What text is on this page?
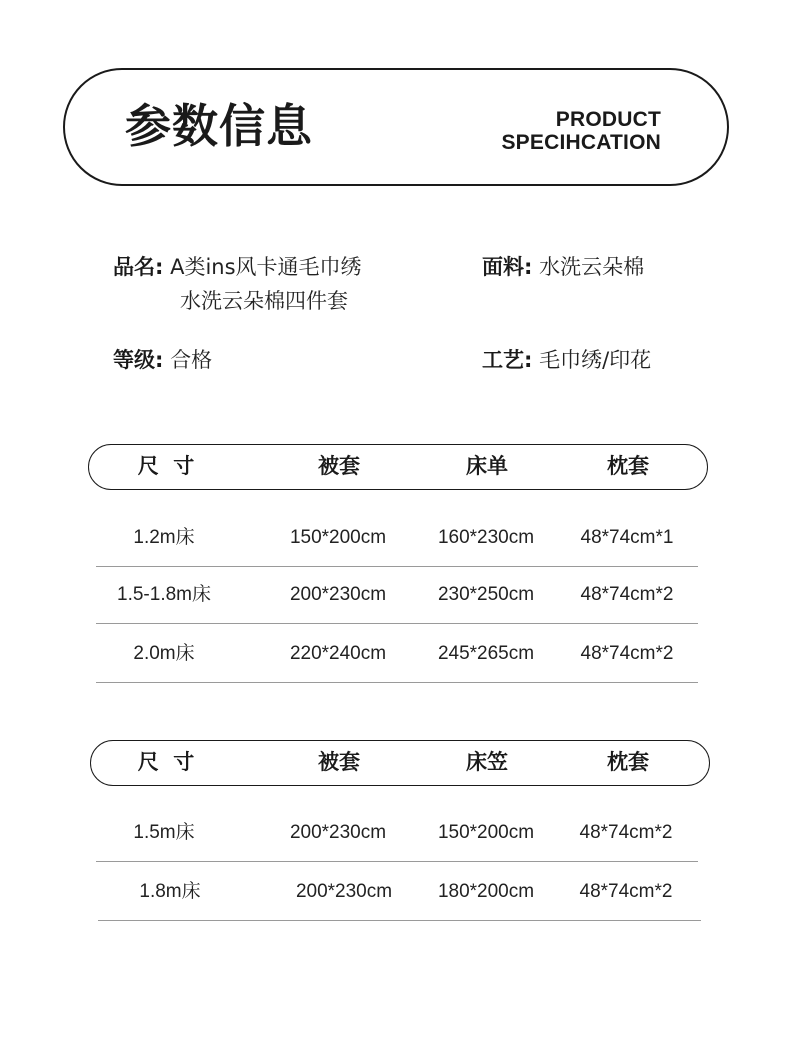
参数信息	PRODUCT
SPECIHCATION
品名: A类ins风卡通毛巾绣
水洗云朵棉四件套
面料: 水洗云朵棉
等级: 合格	工艺: 毛巾绣/印花
尺  寸	被套	床单	枕套
1.2m床	150*200cm	160*230cm 48*74cm*1
1.5-1.8m床	200*230cm	230*250cm 48*74cm*2
2.0m床	220*240cm	245*265cm 48*74cm*2
尺  寸	被套	床笠	枕套
1.5m床	200*230cm	150*200cm 48*74cm*2
1.8m床	200*230cm 180*200cm 48*74cm*2
